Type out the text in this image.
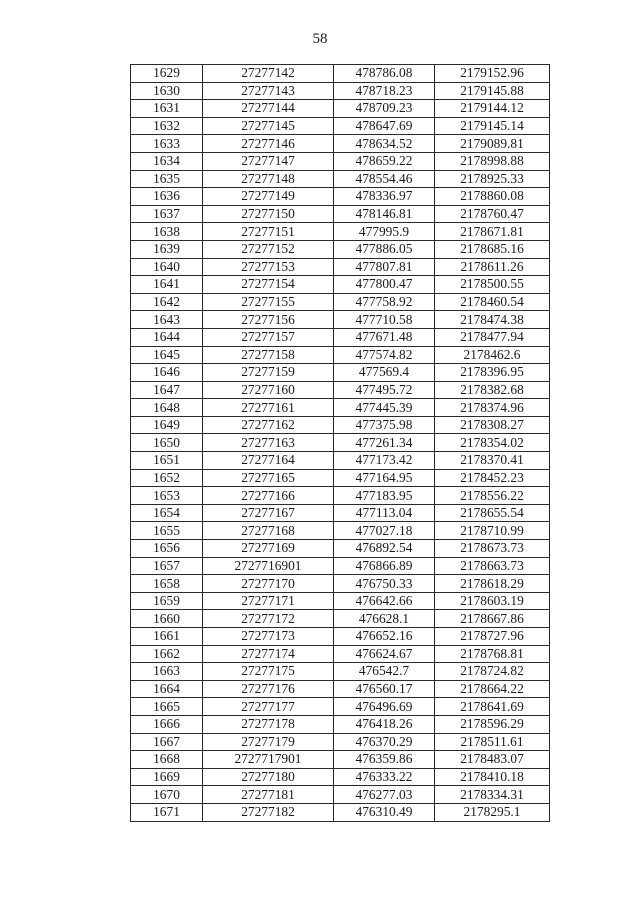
58
1629	27277142	478786.08	2179152.96
1630	27277143	478718.23	2179145.88
1631	27277144	478709.23	2179144.12
1632	27277145	478647.69	2179145.14
1633	27277146	478634.52	2179089.81
1634	27277147	478659.22	2178998.88
1635	27277148	478554.46	2178925.33
1636	27277149	478336.97	2178860.08
1637	27277150	478146.81	2178760.47
1638	27277151	477995.9	2178671.81
1639	27277152	477886.05	2178685.16
1640	27277153	477807.81	2178611.26
1641	27277154	477800.47	2178500.55
1642	27277155	477758.92	2178460.54
1643	27277156	477710.58	2178474.38
1644	27277157	477671.48	2178477.94
1645	27277158	477574.82	2178462.6
1646	27277159	477569.4	2178396.95
1647	27277160	477495.72	2178382.68
1648	27277161	477445.39	2178374.96
1649	27277162	477375.98	2178308.27
1650	27277163	477261.34	2178354.02
1651	27277164	477173.42	2178370.41
1652	27277165	477164.95	2178452.23
1653	27277166	477183.95	2178556.22
1654	27277167	477113.04	2178655.54
1655	27277168	477027.18	2178710.99
1656	27277169	476892.54	2178673.73
1657	2727716901	476866.89	2178663.73
1658	27277170	476750.33	2178618.29
1659	27277171	476642.66	2178603.19
1660	27277172	476628.1	2178667.86
1661	27277173	476652.16	2178727.96
1662	27277174	476624.67	2178768.81
1663	27277175	476542.7	2178724.82
1664	27277176	476560.17	2178664.22
1665	27277177	476496.69	2178641.69
1666	27277178	476418.26	2178596.29
1667	27277179	476370.29	2178511.61
1668	2727717901	476359.86	2178483.07
1669	27277180	476333.22	2178410.18
1670	27277181	476277.03	2178334.31
1671	27277182	476310.49	2178295.1
